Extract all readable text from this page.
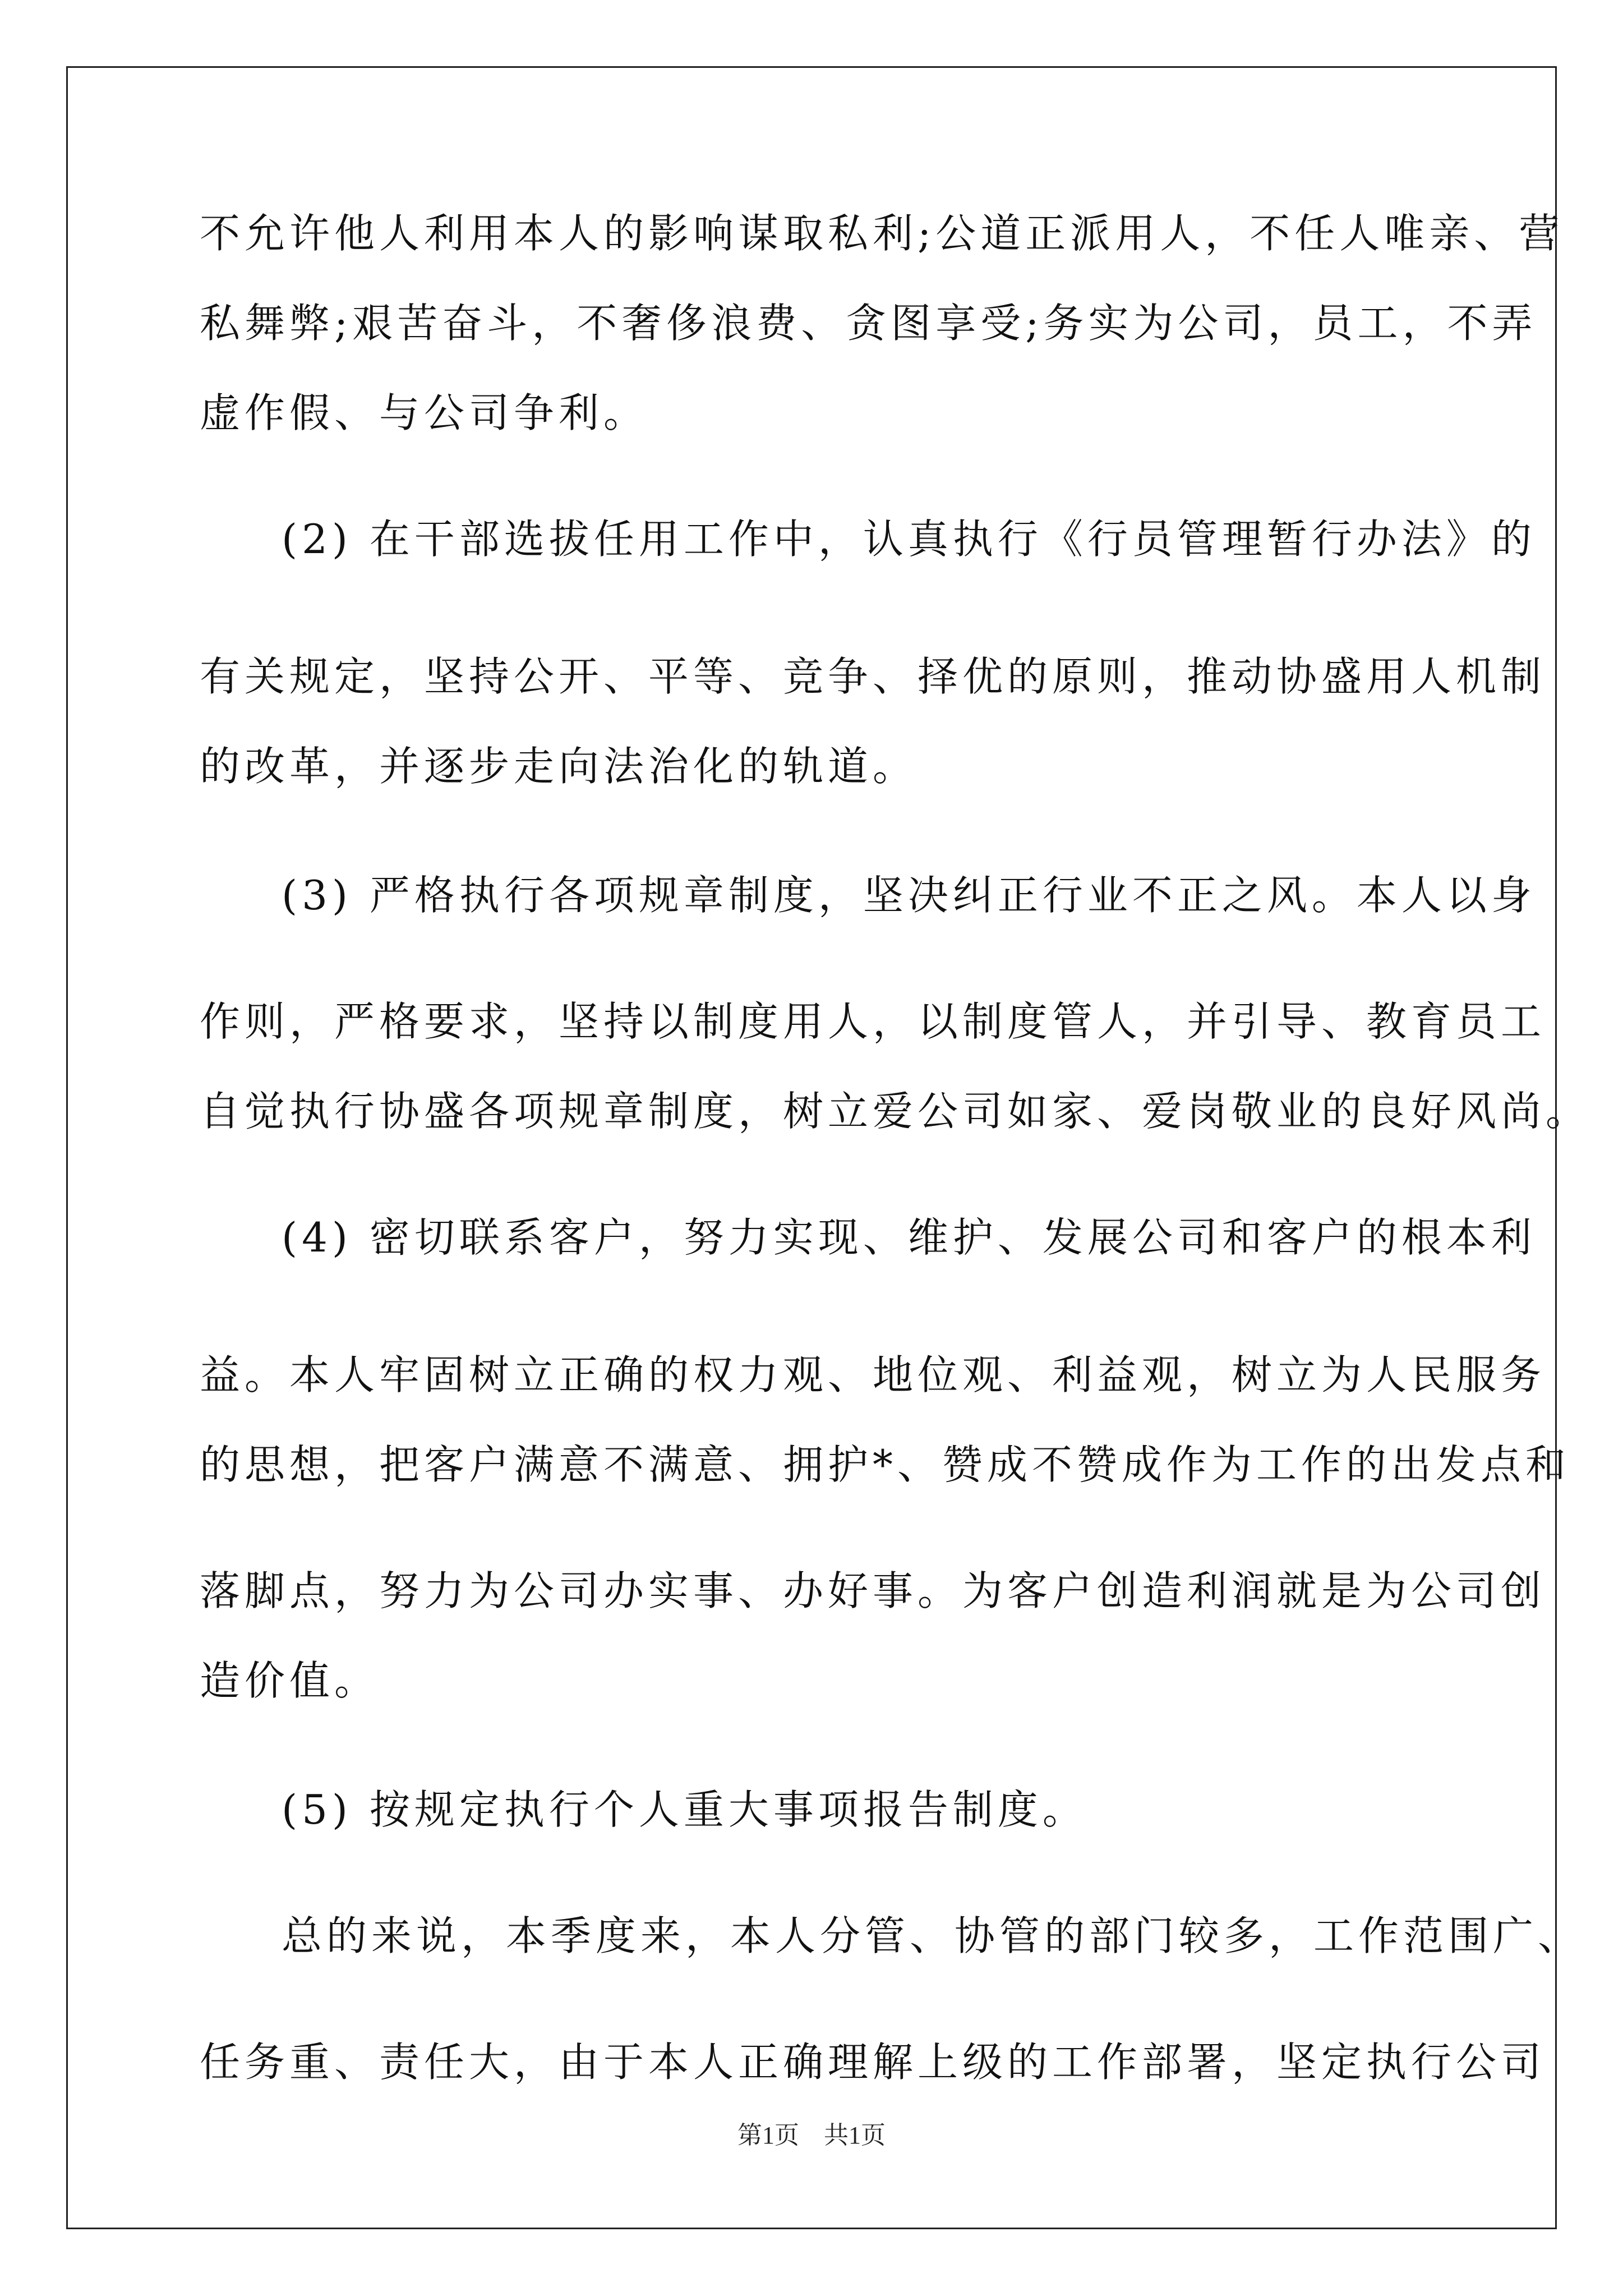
不允许他人利用本人的影响谋取私利;公道正派用人，不任人唯亲、营
私舞弊;艰苦奋斗，不奢侈浪费、贪图享受;务实为公司，员工，不弄
虚作假、与公司争利。
(2) 在干部选拔任用工作中，认真执行《行员管理暂行办法》的
有关规定，坚持公开、平等、竞争、择优的原则，推动协盛用人机制
的改革，并逐步走向法治化的轨道。
(3) 严格执行各项规章制度，坚决纠正行业不正之风。本人以身
作则，严格要求，坚持以制度用人，以制度管人，并引导、教育员工
自觉执行协盛各项规章制度，树立爱公司如家、爱岗敬业的良好风尚。
(4) 密切联系客户，努力实现、维护、发展公司和客户的根本利
益。本人牢固树立正确的权力观、地位观、利益观，树立为人民服务
的思想，把客户满意不满意、拥护*、赞成不赞成作为工作的出发点和
落脚点，努力为公司办实事、办好事。为客户创造利润就是为公司创
造价值。
(5) 按规定执行个人重大事项报告制度。
总的来说，本季度来，本人分管、协管的部门较多，工作范围广、
任务重、责任大，由于本人正确理解上级的工作部署，坚定执行公司
第1页　共1页
